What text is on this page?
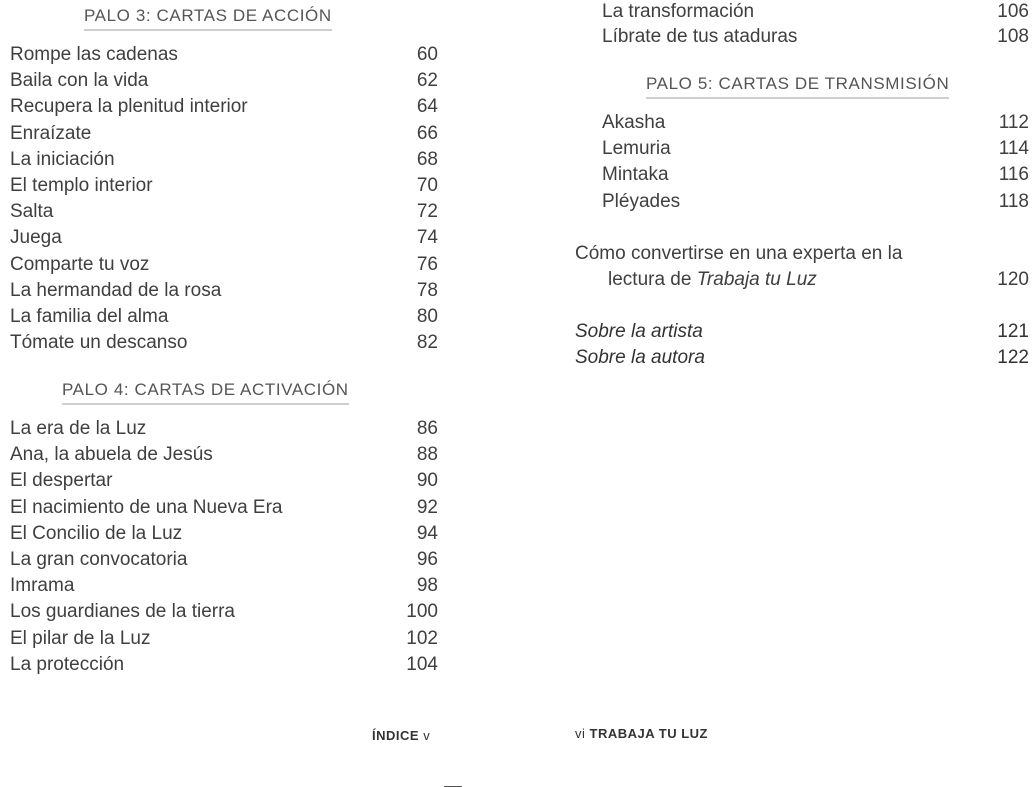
PALO 3: CARTAS DE ACCIÓN
Rompe las cadenas	60
Baila con la vida	62
Recupera la plenitud interior	64
Enraízate	66
La iniciación	68
El templo interior	70
Salta	72
Juega	74
Comparte tu voz	76
La hermandad de la rosa	78
La familia del alma	80
Tómate un descanso	82
PALO 4: CARTAS DE ACTIVACIÓN
La era de la Luz	86
Ana, la abuela de Jesús	88
El despertar	90
El nacimiento de una Nueva Era	92
El Concilio de la Luz	94
La gran convocatoria	96
Imrama	98
Los guardianes de la tierra	100
El pilar de la Luz	102
La protección	104
ÍNDICE v
La transformación	106
Líbrate de tus ataduras	108
PALO 5: CARTAS DE TRANSMISIÓN
Akasha	112
Lemuria	114
Mintaka	116
Pléyades	118
Cómo convertirse en una experta en la
lectura de Trabaja tu Luz	120
Sobre la artista	121
Sobre la autora	122
vi TRABAJA TU LUZ
